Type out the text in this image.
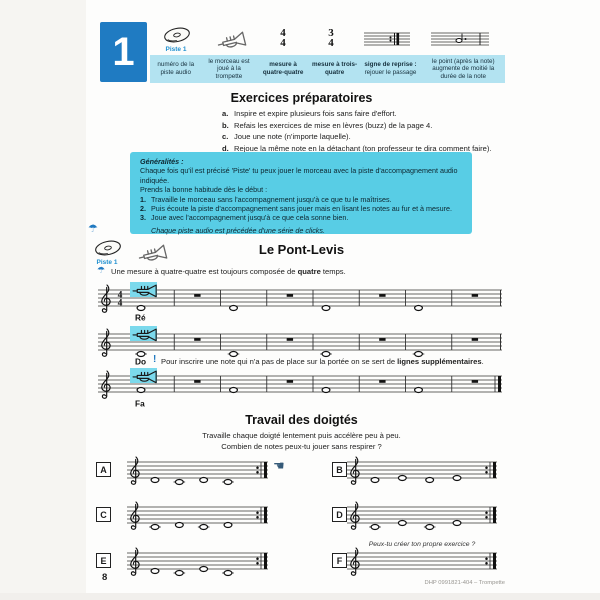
1	Piste 1
4
4
3
4
numéro de la piste audio
le morceau est joué à la trompette
mesure à quatre-quatre
mesure à trois-quatre
signe de reprise : rejouer le passage
le point (après la note) augmente de moitié la durée de la note
Exercices préparatoires
a. Inspire et expire plusieurs fois sans faire d'effort.
b. Refais les exercices de mise en lèvres (buzz) de la page 4.
c. Joue une note (n'importe laquelle).
d. Rejoue la même note en la détachant (ton professeur te dira comment faire).
Généralités :
Chaque fois qu'il est précisé 'Piste' tu peux jouer le morceau avec la piste d'accompagnement audio indiquée.
Prends la bonne habitude dès le début :
1. Travaille le morceau sans l'accompagnement jusqu'à ce que tu le maîtrises.
2. Puis écoute la piste d'accompagnement sans jouer mais en lisant les notes au fur et à mesure.
3. Joue avec l'accompagnement jusqu'à ce que cela sonne bien.
Chaque piste audio est précédée d'une série de clicks.
☂
Piste 1
Le Pont-Levis
☂ Une mesure à quatre-quatre est toujours composée de quatre temps.
4
4
Ré
Do ! Pour inscrire une note qui n'a pas de place sur la portée on se sert de lignes supplémentaires.
Fa
Travail des doigtés
Travaille chaque doigté lentement puis accélère peu à peu.
Combien de notes peux-tu jouer sans respirer ?
A	☚	B
C	D
E	F
Peux-tu créer ton propre exercice ?
8	DHP 0991821-404 – Trompette
